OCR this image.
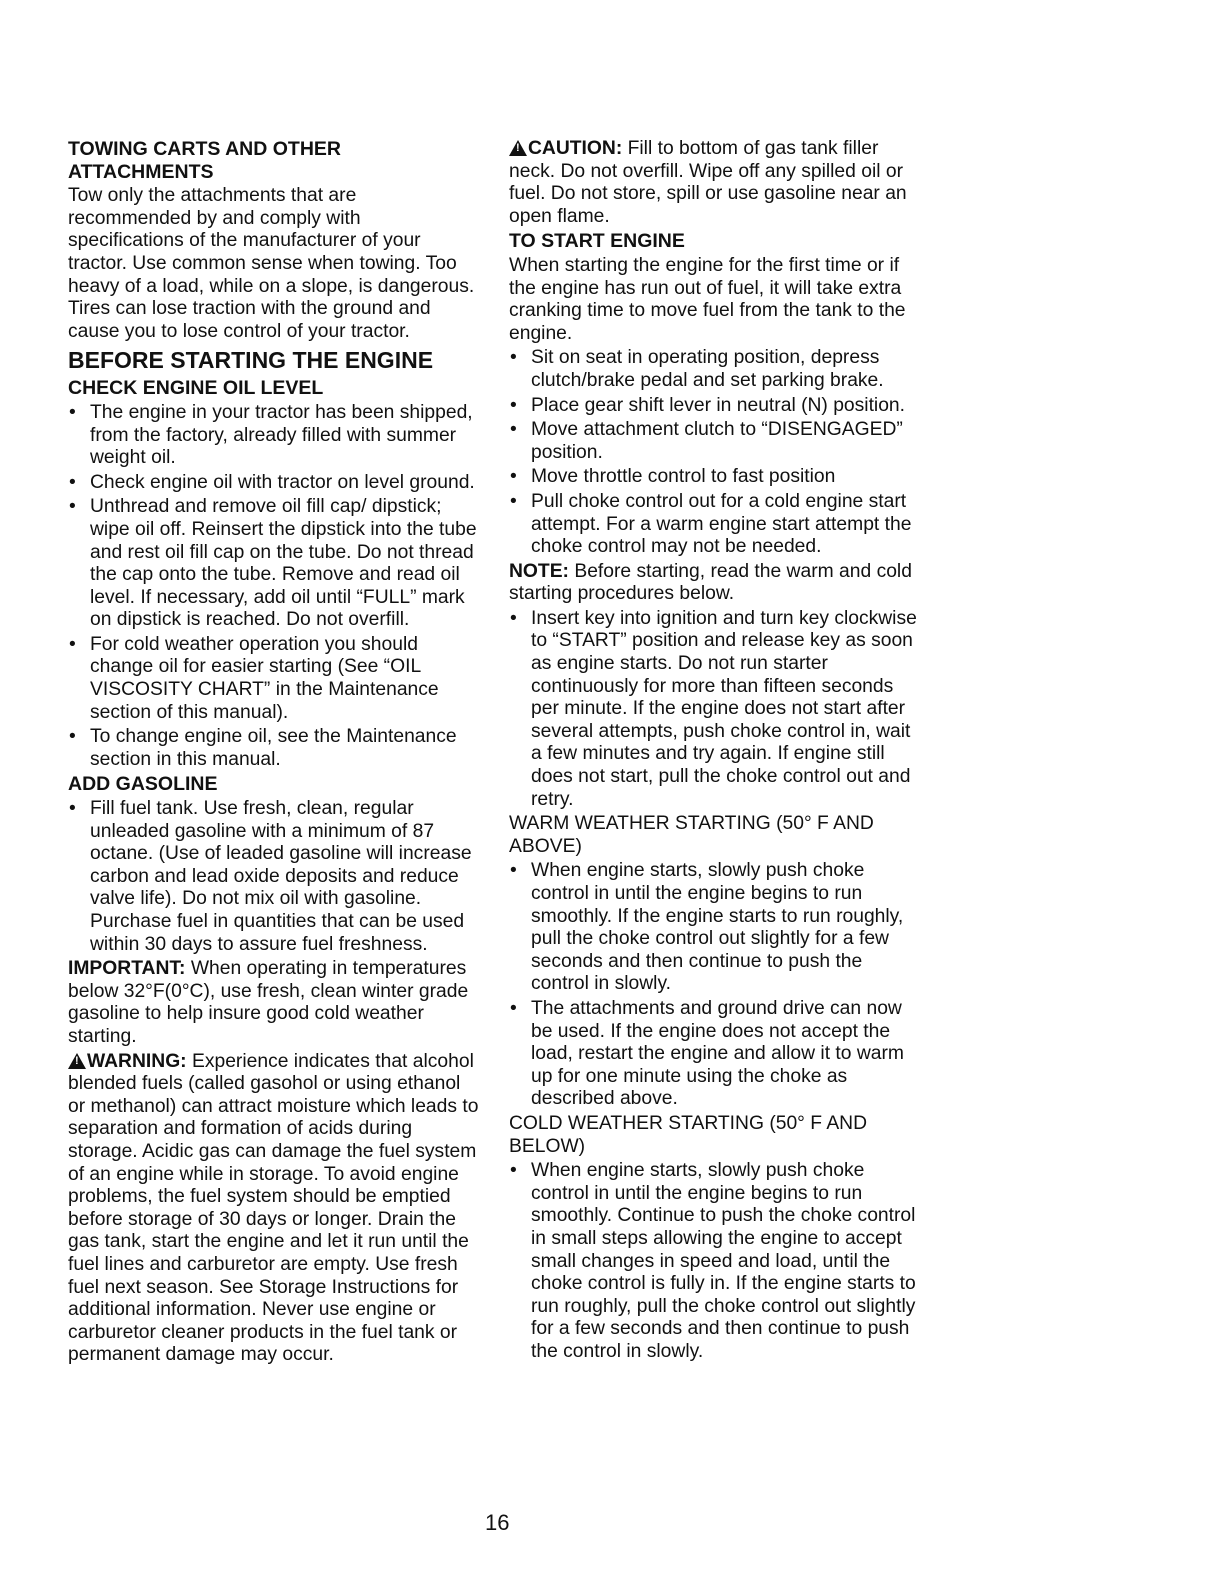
TOWING CARTS AND OTHER ATTACHMENTS

Tow only the attachments that are recommended by and comply with specifications of the manufacturer of your tractor. Use common sense when towing. Too heavy of a load, while on a slope, is dangerous. Tires can lose traction with the ground and cause you to lose control of your tractor.

BEFORE STARTING THE ENGINE
CHECK ENGINE OIL LEVEL
• The engine in your tractor has been shipped, from the factory, already filled with summer weight oil.
• Check engine oil with tractor on level ground.
• Unthread and remove oil fill cap/ dipstick; wipe oil off. Reinsert the dipstick into the tube and rest oil fill cap on the tube. Do not thread the cap onto the tube. Remove and read oil level. If necessary, add oil until “FULL” mark on dipstick is reached. Do not overfill.
• For cold weather operation you should change oil for easier starting (See “OIL VISCOSITY CHART” in the Maintenance section of this manual).
• To change engine oil, see the Maintenance section in this manual.
ADD GASOLINE
• Fill fuel tank. Use fresh, clean, regular unleaded gasoline with a minimum of 87 octane. (Use of leaded gasoline will increase carbon and lead oxide deposits and reduce valve life). Do not mix oil with gasoline. Purchase fuel in quantities that can be used within 30 days to assure fuel freshness.

IMPORTANT: When operating in temperatures below 32°F(0°C), use fresh, clean winter grade gasoline to help insure good cold weather starting.

!WARNING: Experience indicates that alcohol blended fuels (called gasohol or using ethanol or methanol) can attract moisture which leads to separation and formation of acids during storage. Acidic gas can damage the fuel system of an engine while in storage. To avoid engine problems, the fuel system should be emptied before storage of 30 days or longer. Drain the gas tank, start the engine and let it run until the fuel lines and carburetor are empty. Use fresh fuel next season. See Storage Instructions for additional information. Never use engine or carburetor cleaner products in the fuel tank or permanent damage may occur.

!CAUTION: Fill to bottom of gas tank filler neck. Do not overfill. Wipe off any spilled oil or fuel. Do not store, spill or use gasoline near an open flame.

TO START ENGINE

When starting the engine for the first time or if the engine has run out of fuel, it will take extra cranking time to move fuel from the tank to the engine.

• Sit on seat in operating position, depress clutch/brake pedal and set parking brake.
• Place gear shift lever in neutral (N) position.
• Move attachment clutch to “DISENGAGED” position.
• Move throttle control to fast position
• Pull choke control out for a cold engine start attempt. For a warm engine start attempt the choke control may not be needed.

NOTE: Before starting, read the warm and cold starting procedures below.

• Insert key into ignition and turn key clockwise to “START” position and release key as soon as engine starts. Do not run starter continuously for more than fifteen seconds per minute. If the engine does not start after several attempts, push choke control in, wait a few minutes and try again. If engine still does not start, pull the choke control out and retry.

WARM WEATHER STARTING (50° F AND ABOVE)

• When engine starts, slowly push choke control in until the engine begins to run smoothly. If the engine starts to run roughly, pull the choke control out slightly for a few seconds and then continue to push the control in slowly.
• The attachments and ground drive can now be used. If the engine does not accept the load, restart the engine and allow it to warm up for one minute using the choke as described above.

COLD WEATHER STARTING (50° F AND BELOW)

• When engine starts, slowly push choke control in until the engine begins to run smoothly. Continue to push the choke control in small steps allowing the engine to accept small changes in speed and load, until the choke control is fully in. If the engine starts to run roughly, pull the choke control out slightly for a few seconds and then continue to push the control in slowly.
16
